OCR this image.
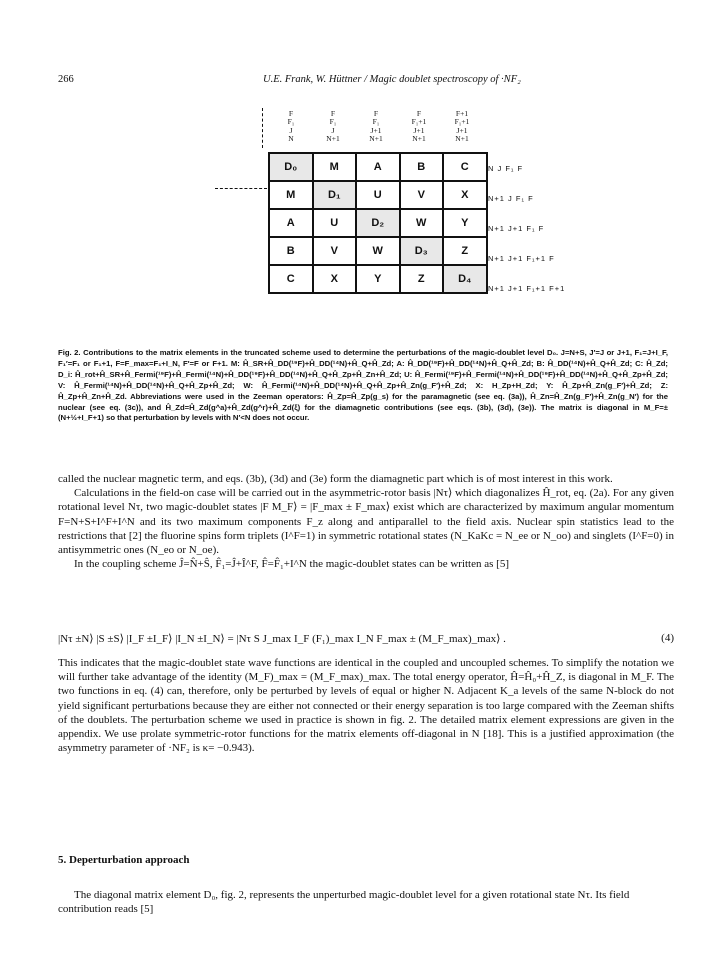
266	U.E. Frank, W. Hüttner / Magic doublet spectroscopy of ·NF₂
F
F₁
J
N
F
F₁
J
N+1
F
F₁
J+1
N+1
F
F₁+1
J+1
N+1
F+1
F₁+1
J+1
N+1
D₀	M	A	B	C
M	D₁	U	V	X
A	U	D₂	W	Y
B	V	W	D₃	Z
C	X	Y	Z	D₄
N J F₁ F
N+1 J F₁ F
N+1 J+1 F₁ F
N+1 J+1 F₁+1 F
N+1 J+1 F₁+1 F+1
Fig. 2. Contributions to the matrix elements in the truncated scheme used to determine the perturbations of the magic-doublet level D₀. J=N+S, J′=J or J+1, F₁=J+I_F, F₁′=F₁ or F₁+1, F=F_max=F₁+I_N, F′=F or F+1. M: Ĥ_SR+Ĥ_DD(¹⁹F)+Ĥ_DD(¹⁴N)+Ĥ_Q+Ĥ_Zd; A: Ĥ_DD(¹⁹F)+Ĥ_DD(¹⁴N)+Ĥ_Q+Ĥ_Zd; B: Ĥ_DD(¹⁴N)+Ĥ_Q+Ĥ_Zd; C: Ĥ_Zd; D_i: Ĥ_rot+Ĥ_SR+Ĥ_Fermi(¹⁹F)+Ĥ_Fermi(¹⁴N)+Ĥ_DD(¹⁹F)+Ĥ_DD(¹⁴N)+Ĥ_Q+Ĥ_Zp+Ĥ_Zn+Ĥ_Zd; U: Ĥ_Fermi(¹⁹F)+Ĥ_Fermi(¹⁴N)+Ĥ_DD(¹⁹F)+Ĥ_DD(¹⁴N)+Ĥ_Q+Ĥ_Zp+Ĥ_Zd; V: Ĥ_Fermi(¹⁴N)+Ĥ_DD(¹⁴N)+Ĥ_Q+Ĥ_Zp+Ĥ_Zd; W: Ĥ_Fermi(¹⁴N)+Ĥ_DD(¹⁴N)+Ĥ_Q+Ĥ_Zp+Ĥ_Zn(g_F′)+Ĥ_Zd; X: H_Zp+H_Zd; Y: Ĥ_Zp+Ĥ_Zn(g_F′)+Ĥ_Zd; Z: Ĥ_Zp+Ĥ_Zn+Ĥ_Zd. Abbreviations were used in the Zeeman operators: Ĥ_Zp=Ĥ_Zp(g_s) for the paramagnetic (see eq. (3a)), Ĥ_Zn=Ĥ_Zn(g_F′)+Ĥ_Zn(g_N′) for the nuclear (see eq. (3c)), and Ĥ_Zd=Ĥ_Zd(g^a)+Ĥ_Zd(g^r)+Ĥ_Zd(ξ) for the diamagnetic contributions (see eqs. (3b), (3d), (3e)). The matrix is diagonal in M_F=±(N+½+I_F+1) so that perturbation by levels with N′<N does not occur.

called the nuclear magnetic term, and eqs. (3b), (3d) and (3e) form the diamagnetic part which is of most interest in this work.

Calculations in the field-on case will be carried out in the asymmetric-rotor basis |Nτ⟩ which diagonalizes Ĥ_rot, eq. (2a). For any given rotational level Nτ, two magic-doublet states |F M_F⟩ = |F_max ± F_max⟩ exist which are characterized by maximum angular momentum F=N+S+I^F+I^N and its two maximum components F_z along and antiparallel to the field axis. Nuclear spin statistics lead to the restrictions that [2] the fluorine spins form triplets (I^F=1) in symmetric rotational states (N_KaKc = N_ee or N_oo) and singlets (I^F=0) in antisymmetric ones (N_eo or N_oe).

In the coupling scheme Ĵ=N̂+Ŝ, F̂₁=Ĵ+Î^F, F̂=F̂₁+I^N the magic-doublet states can be written as [5]

|Nτ ±N⟩ |S ±S⟩ |I_F ±I_F⟩ |I_N ±I_N⟩ = |Nτ S J_max I_F (F₁)_max I_N F_max ± (M_F_max)_max⟩ .	(4)

This indicates that the magic-doublet state wave functions are identical in the coupled and uncoupled schemes. To simplify the notation we will further take advantage of the identity (M_F)_max = (M_F_max)_max. The total energy operator, Ĥ=Ĥ₀+Ĥ_Z, is diagonal in M_F. The two functions in eq. (4) can, therefore, only be perturbed by levels of equal or higher N. Adjacent K_a levels of the same N-block do not yield significant perturbations because they are either not connected or their energy separation is too large compared with the Zeeman shifts of the doublets. The perturbation scheme we used in practice is shown in fig. 2. The detailed matrix element expressions are given in the appendix. We use prolate symmetric-rotor functions for the matrix elements off-diagonal in N [18]. This is a justified approximation (the asymmetry parameter of ·NF₂ is κ= −0.943).

5. Deperturbation approach

The diagonal matrix element D₀, fig. 2, represents the unperturbed magic-doublet level for a given rotational state Nτ. Its field contribution reads [5]
